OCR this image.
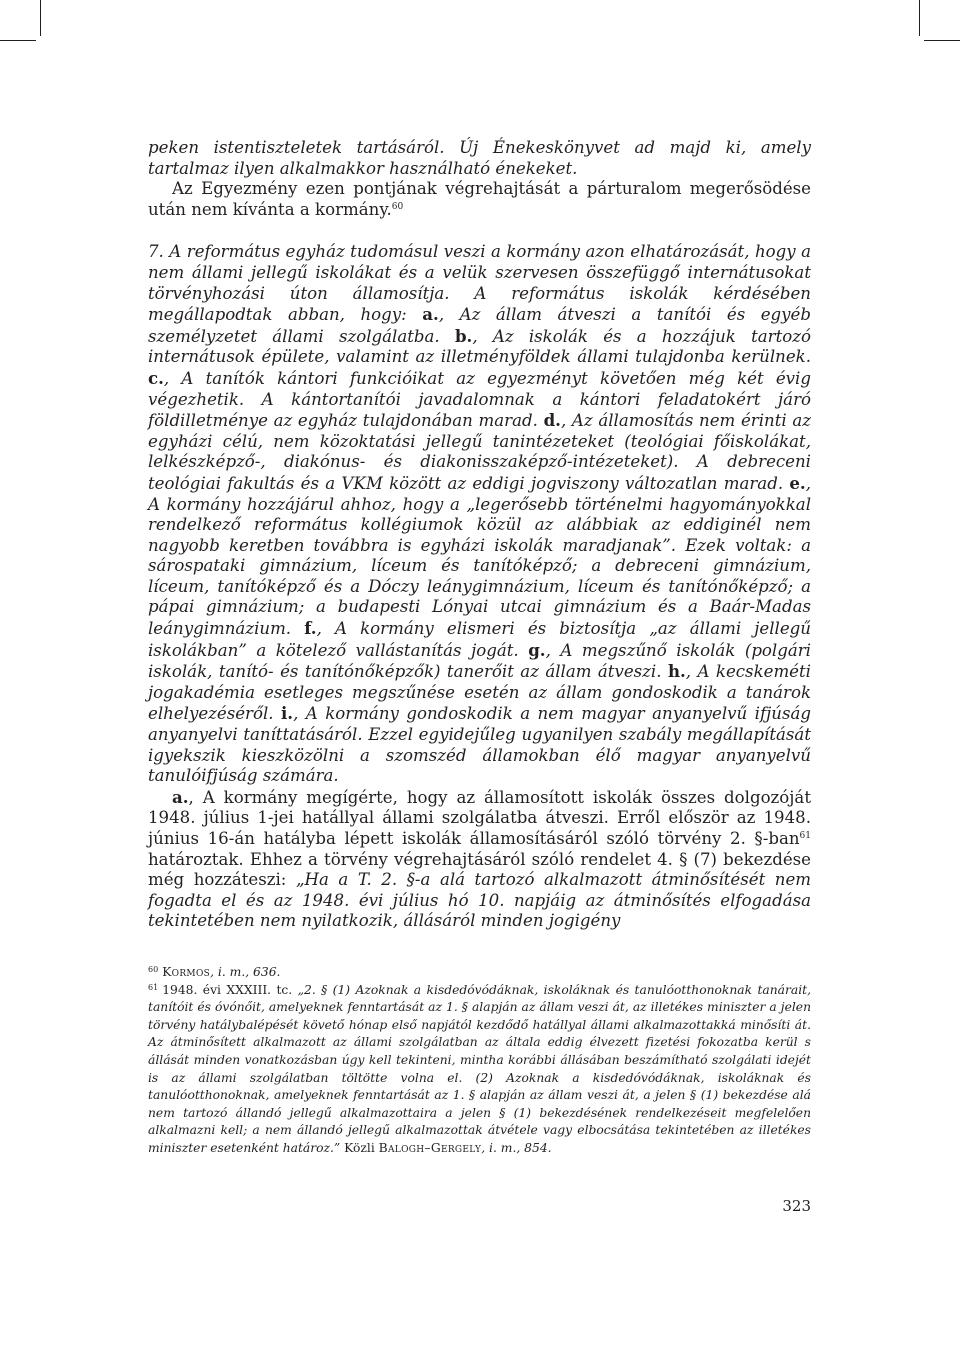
peken istentiszteletek tartásáról. Új Énekeskönyvet ad majd ki, amely tartalmaz ilyen alkalmakkor használható énekeket.

Az Egyezmény ezen pontjának végrehajtását a párturalom megerősödése után nem kívánta a kormány.$^{60}$

7. A református egyház tudomásul veszi a kormány azon elhatározását, hogy a nem állami jellegű iskolákat és a velük szervesen összefüggő internátusokat törvényhozási úton államosítja. A református iskolák kérdésében megállapodtak abban, hogy: a., Az állam átveszi a tanítói és egyéb személyzetet állami szolgálatba. b., Az iskolák és a hozzájuk tartozó internátusok épülete, valamint az illetményföldek állami tulajdonba kerülnek. c., A tanítók kántori funkcióikat az egyezményt követően még két évig végezhetik. A kántortanítói javadalomnak a kántori feladatokért járó földilletménye az egyház tulajdonában marad. d., Az államosítás nem érinti az egyházi célú, nem közoktatási jellegű tanintézeteket (teológiai főiskolákat, lelkészképző-, diakónus- és diakonisszaképző-intézeteket). A debreceni teológiai fakultás és a VKM között az eddigi jogviszony változatlan marad. e., A kormány hozzájárul ahhoz, hogy a „legerősebb történelmi hagyományokkal rendelkező református kollégiumok közül az alábbiak az eddiginél nem nagyobb keretben továbbra is egyházi iskolák maradjanak”. Ezek voltak: a sárospataki gimnázium, líceum és tanítóképző; a debreceni gimnázium, líceum, tanítóképző és a Dóczy leánygimnázium, líceum és tanítónőképző; a pápai gimnázium; a budapesti Lónyai utcai gimnázium és a Baár-Madas leánygimnázium. f., A kormány elismeri és biztosítja „az állami jellegű iskolákban” a kötelező vallástanítás jogát. g., A megszűnő iskolák (polgári iskolák, tanító- és tanítónőképzők) tanerőit az állam átveszi. h., A kecskeméti jogakadémia esetleges megszűnése esetén az állam gondoskodik a tanárok elhelyezéséről. i., A kormány gondoskodik a nem magyar anyanyelvű ifjúság anyanyelvi taníttatásáról. Ezzel egyidejűleg ugyanilyen szabály megállapítását igyekszik kieszközölni a szomszéd államokban élő magyar anyanyelvű tanulóifjúság számára.

a., A kormány megígérte, hogy az államosított iskolák összes dolgozóját 1948. július 1-jei hatállyal állami szolgálatba átveszi. Erről először az 1948. június 16-án hatályba lépett iskolák államosításáról szóló törvény 2. §-ban$^{61}$ határoztak. Ehhez a törvény végrehajtásáról szóló rendelet 4. § (7) bekezdése még hozzáteszi: „Ha a T. 2. §-a alá tartozó alkalmazott átminősítését nem fogadta el és az 1948. évi július hó 10. napjáig az átminősítés elfogadása tekintetében nem nyilatkozik, állásáról minden jogigény

$^{60}$ Kormos, i. m., 636.

$^{61}$ 1948. évi XXXIII. tc. „2. § (1) Azoknak a kisdedóvódáknak, iskoláknak és tanulóotthonoknak tanárait, tanítóit és óvónőit, amelyeknek fenntartását az 1. § alapján az állam veszi át, az illetékes miniszter a jelen törvény hatálybalépését követő hónap első napjától kezdődő hatállyal állami alkalmazottakká minősíti át. Az átminősített alkalmazott az állami szolgálatban az általa eddig élvezett fizetési fokozatba kerül s állását minden vonatkozásban úgy kell tekinteni, mintha korábbi állásában beszámítható szolgálati idejét is az állami szolgálatban töltötte volna el. (2) Azoknak a kisdedóvódáknak, iskoláknak és tanulóotthonoknak, amelyeknek fenntartását az 1. § alapján az állam veszi át, a jelen § (1) bekezdése alá nem tartozó állandó jellegű alkalmazottaira a jelen § (1) bekezdésének rendelkezéseit megfelelően alkalmazni kell; a nem állandó jellegű alkalmazottak átvétele vagy elbocsátása tekintetében az illetékes miniszter esetenként határoz.” Közli Balogh–Gergely, i. m., 854.

323
